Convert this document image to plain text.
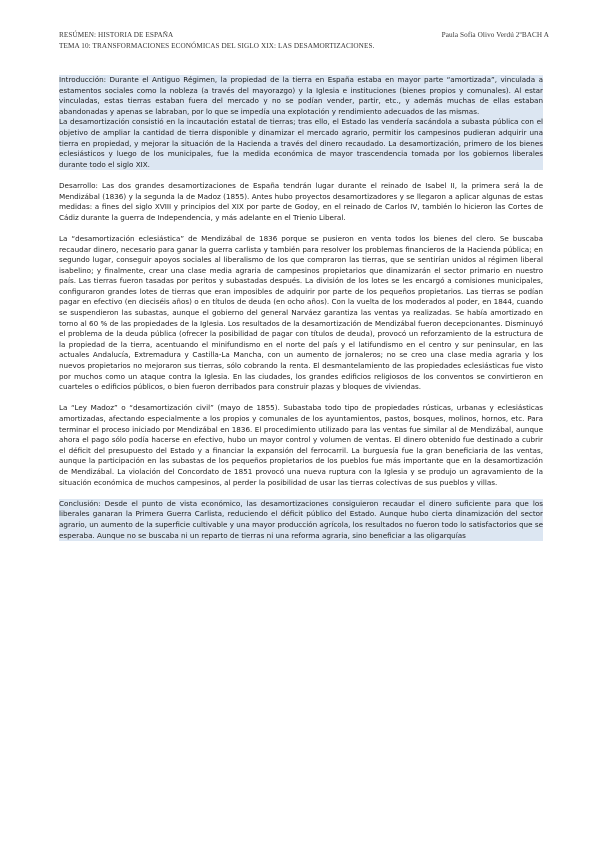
RESÚMEN: HISTORIA DE ESPAÑA	Paula Sofía Olivo Verdú 2ºBACH A
TEMA 10: TRANSFORMACIONES ECONÓMICAS DEL SIGLO XIX: LAS DESAMORTIZACIONES.

Introducción: Durante el Antiguo Régimen, la propiedad de la tierra en España estaba en mayor parte “amortizada”, vinculada a estamentos sociales como la nobleza (a través del mayorazgo) y la Iglesia e instituciones (bienes propios y comunales). Al estar vinculadas, estas tierras estaban fuera del mercado y no se podían vender, partir, etc., y además muchas de ellas estaban abandonadas y apenas se labraban, por lo que se impedía una explotación y rendimiento adecuados de las mismas.

La desamortización consistió en la incautación estatal de tierras; tras ello, el Estado las vendería sacándola a subasta pública con el objetivo de ampliar la cantidad de tierra disponible y dinamizar el mercado agrario, permitir los campesinos pudieran adquirir una tierra en propiedad, y mejorar la situación de la Hacienda a través del dinero recaudado. La desamortización, primero de los bienes eclesiásticos y luego de los municipales, fue la medida económica de mayor trascendencia tomada por los gobiernos liberales durante todo el siglo XIX.

Desarrollo: Las dos grandes desamortizaciones de España tendrán lugar durante el reinado de Isabel II, la primera será la de Mendizábal (1836) y la segunda la de Madoz (1855). Antes hubo proyectos desamortizadores y se llegaron a aplicar algunas de estas medidas: a fines del siglo XVIII y principios del XIX por parte de Godoy, en el reinado de Carlos IV, también lo hicieron las Cortes de Cádiz durante la guerra de Independencia, y más adelante en el Trienio Liberal.

La “desamortización eclesiástica” de Mendizábal de 1836 porque se pusieron en venta todos los bienes del clero. Se buscaba recaudar dinero, necesario para ganar la guerra carlista y también para resolver los problemas financieros de la Hacienda pública; en segundo lugar, conseguir apoyos sociales al liberalismo de los que compraron las tierras, que se sentirían unidos al régimen liberal isabelino; y finalmente, crear una clase media agraria de campesinos propietarios que dinamizarán el sector primario en nuestro país. Las tierras fueron tasadas por peritos y subastadas después. La división de los lotes se les encargó a comisiones municipales, configuraron grandes lotes de tierras que eran imposibles de adquirir por parte de los pequeños propietarios. Las tierras se podían pagar en efectivo (en dieciséis años) o en títulos de deuda (en ocho años). Con la vuelta de los moderados al poder, en 1844, cuando se suspendieron las subastas, aunque el gobierno del general Narváez garantiza las ventas ya realizadas. Se había amortizado en torno al 60 % de las propiedades de la Iglesia. Los resultados de la desamortización de Mendizábal fueron decepcionantes. Disminuyó el problema de la deuda pública (ofrecer la posibilidad de pagar con títulos de deuda), provocó un reforzamiento de la estructura de la propiedad de la tierra, acentuando el minifundismo en el norte del país y el latifundismo en el centro y sur peninsular, en las actuales Andalucía, Extremadura y Castilla-La Mancha, con un aumento de jornaleros; no se creo una clase media agraria y los nuevos propietarios no mejoraron sus tierras, sólo cobrando la renta. El desmantelamiento de las propiedades eclesiásticas fue visto por muchos como un ataque contra la Iglesia. En las ciudades, los grandes edificios religiosos de los conventos se convirtieron en cuarteles o edificios públicos, o bien fueron derribados para construir plazas y bloques de viviendas.

La “Ley Madoz” o “desamortización civil” (mayo de 1855). Subastaba todo tipo de propiedades rústicas, urbanas y eclesiásticas amortizadas, afectando especialmente a los propios y comunales de los ayuntamientos, pastos, bosques, molinos, hornos, etc. Para terminar el proceso iniciado por Mendizábal en 1836. El procedimiento utilizado para las ventas fue similar al de Mendizábal, aunque ahora el pago sólo podía hacerse en efectivo, hubo un mayor control y volumen de ventas. El dinero obtenido fue destinado a cubrir el déficit del presupuesto del Estado y a financiar la expansión del ferrocarril. La burguesía fue la gran beneficiaria de las ventas, aunque la participación en las subastas de los pequeños propietarios de los pueblos fue más importante que en la desamortización de Mendizábal. La violación del Concordato de 1851 provocó una nueva ruptura con la Iglesia y se produjo un agravamiento de la situación económica de muchos campesinos, al perder la posibilidad de usar las tierras colectivas de sus pueblos y villas.

Conclusión: Desde el punto de vista económico, las desamortizaciones consiguieron recaudar el dinero suficiente para que los liberales ganaran la Primera Guerra Carlista, reduciendo el déficit público del Estado. Aunque hubo cierta dinamización del sector agrario, un aumento de la superficie cultivable y una mayor producción agrícola, los resultados no fueron todo lo satisfactorios que se esperaba. Aunque no se buscaba ni un reparto de tierras ni una reforma agraria, sino beneficiar a las oligarquías
